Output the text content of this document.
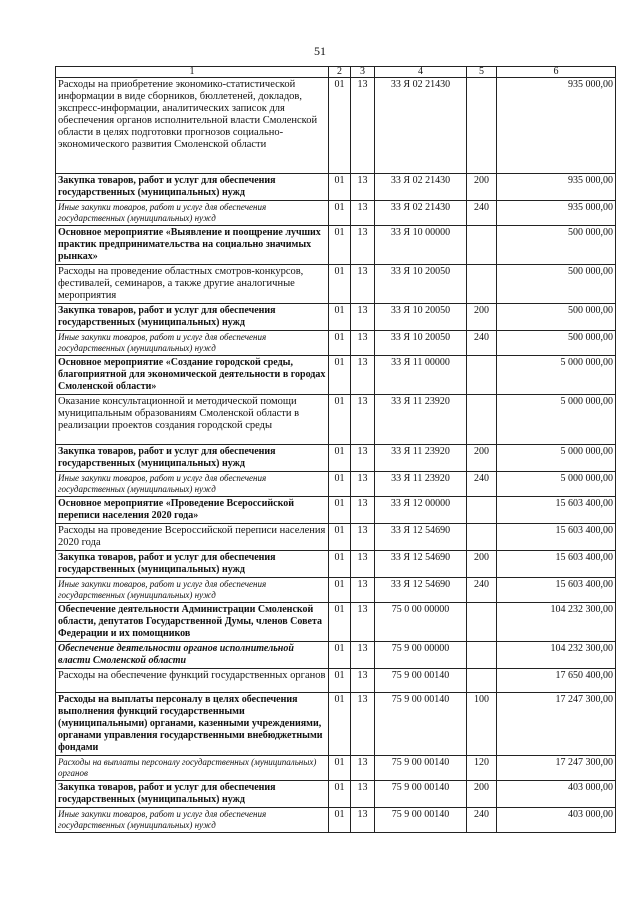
51
1	2	3	4	5	6
Расходы на приобретение экономико-статистической информации в виде сборников, бюллетеней, докладов, экспресс-информации, аналитических записок для обеспечения органов исполнительной власти Смоленской области в целях подготовки прогнозов социально-экономического развития Смоленской области	01	13	33 Я 02 21430		935 000,00
Закупка товаров, работ и услуг для обеспечения государственных (муниципальных) нужд	01	13	33 Я 02 21430	200	935 000,00
Иные закупки товаров, работ и услуг для обеспечения государственных (муниципальных) нужд	01	13	33 Я 02 21430	240	935 000,00
Основное мероприятие «Выявление и поощрение лучших практик предпринимательства на социально значимых рынках»	01	13	33 Я 10 00000		500 000,00
Расходы на проведение областных смотров-конкурсов, фестивалей, семинаров, а также другие аналогичные мероприятия	01	13	33 Я 10 20050		500 000,00
Закупка товаров, работ и услуг для обеспечения государственных (муниципальных) нужд	01	13	33 Я 10 20050	200	500 000,00
Иные закупки товаров, работ и услуг для обеспечения государственных (муниципальных) нужд	01	13	33 Я 10 20050	240	500 000,00
Основное мероприятие «Создание городской среды, благоприятной для экономической деятельности в городах Смоленской области»	01	13	33 Я 11 00000		5 000 000,00
Оказание консультационной и методической помощи муниципальным образованиям Смоленской области в реализации проектов создания городской среды	01	13	33 Я 11 23920		5 000 000,00
Закупка товаров, работ и услуг для обеспечения государственных (муниципальных) нужд	01	13	33 Я 11 23920	200	5 000 000,00
Иные закупки товаров, работ и услуг для обеспечения государственных (муниципальных) нужд	01	13	33 Я 11 23920	240	5 000 000,00
Основное мероприятие «Проведение Всероссийской переписи населения 2020 года»	01	13	33 Я 12 00000		15 603 400,00
Расходы на проведение Всероссийской переписи населения 2020 года	01	13	33 Я 12 54690		15 603 400,00
Закупка товаров, работ и услуг для обеспечения государственных (муниципальных) нужд	01	13	33 Я 12 54690	200	15 603 400,00
Иные закупки товаров, работ и услуг для обеспечения государственных (муниципальных) нужд	01	13	33 Я 12 54690	240	15 603 400,00
Обеспечение деятельности Администрации Смоленской области, депутатов Государственной Думы, членов Совета Федерации и их помощников	01	13	75 0 00 00000		104 232 300,00
Обеспечение деятельности органов исполнительной власти Смоленской области	01	13	75 9 00 00000		104 232 300,00
Расходы на обеспечение функций государственных органов	01	13	75 9 00 00140		17 650 400,00
Расходы на выплаты персоналу в целях обеспечения выполнения функций государственными (муниципальными) органами, казенными учреждениями, органами управления государственными внебюджетными фондами	01	13	75 9 00 00140	100	17 247 300,00
Расходы на выплаты персоналу государственных (муниципальных) органов	01	13	75 9 00 00140	120	17 247 300,00
Закупка товаров, работ и услуг для обеспечения государственных (муниципальных) нужд	01	13	75 9 00 00140	200	403 000,00
Иные закупки товаров, работ и услуг для обеспечения государственных (муниципальных) нужд	01	13	75 9 00 00140	240	403 000,00
